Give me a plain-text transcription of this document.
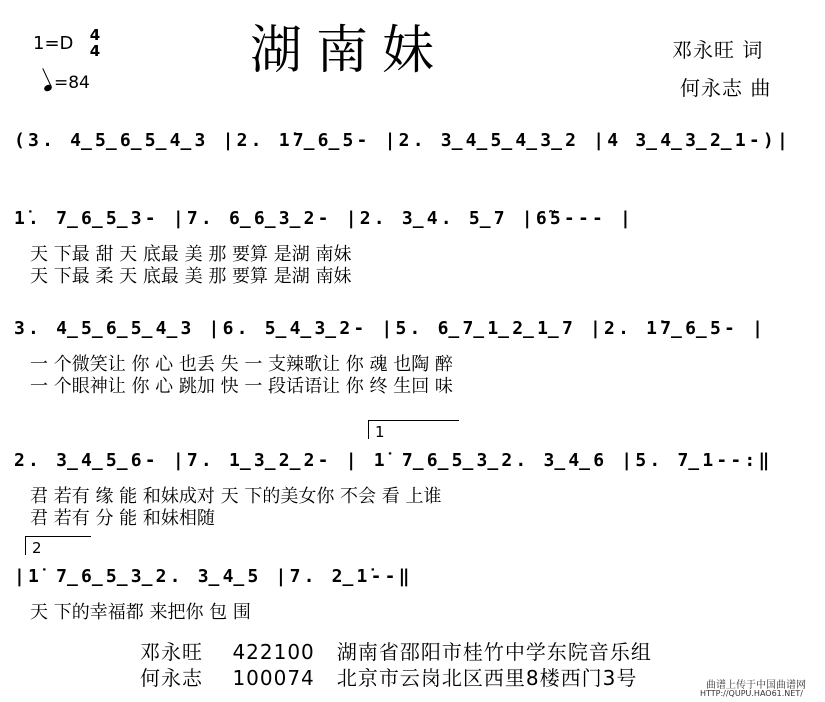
湖南妹
1=D 4
4
=84
邓永旺 词
何永志 曲
(3. 4̲5̲6̲5̲4̲3 |2. 1̇7̲6̲5- |2. 3̲4̲5̲4̲3̲2 |4 3̲4̲3̲2̲1-)|
1̇. 7̲6̲5̲3- |7. 6̲6̲3̲2- |2. 3̲4. 5̲7 |6̃5--- |
天 下最 甜 天 底最 美 那 要算 是湖 南妹
天 下最 柔 天 底最 美 那 要算 是湖 南妹
3. 4̲5̲6̲5̲4̲3 |6. 5̲4̲3̲2- |5. 6̲7̲1̲2̲1̲7 |2. 1̇7̲6̲5- |
一 个微笑让 你 心 也丢 失 一 支辣歌让 你 魂 也陶 醉
一 个眼神让 你 心 跳加 快 一 段话语让 你 终 生回 味
1
2. 3̲4̲5̲6- |7. 1̲3̲2̲2- | 1̇ 7̲6̲5̲3̲2. 3̲4̲6 |5. 7̲1--:‖
君 若有 缘 能 和妹成对 天 下的美女你 不会 看 上谁
君 若有 分 能 和妹相随
2
|1̇ 7̲6̲5̲3̲2. 3̲4̲5 |7. 2̲1̇--‖
天 下的幸福都 来把你 包 围
邓永旺 422100 湖南省邵阳市桂竹中学东院音乐组
何永志 100074 北京市云岗北区西里8楼西门3号	曲谱上传于中国曲谱网
HTTP://QUPU.HAO61.NET/
